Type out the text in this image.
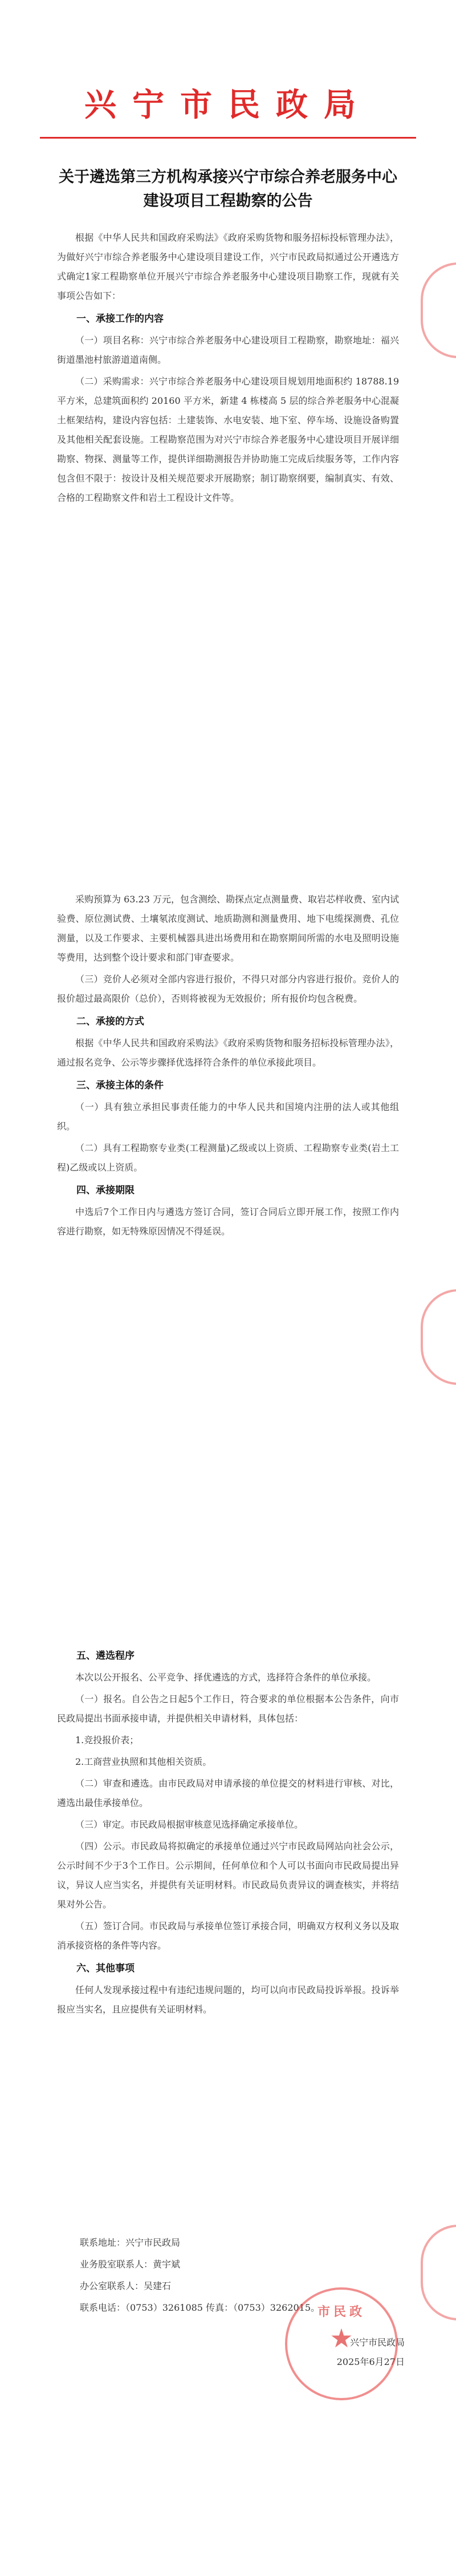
兴宁市民政局
关于遴选第三方机构承接兴宁市综合养老服务中心建设项目工程勘察的公告

根据《中华人民共和国政府采购法》《政府采购货物和服务招标投标管理办法》，为做好兴宁市综合养老服务中心建设项目建设工作，兴宁市民政局拟通过公开遴选方式确定1家工程勘察单位开展兴宁市综合养老服务中心建设项目勘察工作，现就有关事项公告如下：

一、承接工作的内容

（一）项目名称：兴宁市综合养老服务中心建设项目工程勘察，勘察地址：福兴街道墨池村旅游道道南侧。

（二）采购需求：兴宁市综合养老服务中心建设项目规划用地面积约 18788.19 平方米，总建筑面积约 20160 平方米，新建 4 栋楼高 5 层的综合养老服务中心混凝土框架结构，建设内容包括：土建装饰、水电安装、地下室、停车场、设施设备购置及其他相关配套设施。工程勘察范围为对兴宁市综合养老服务中心建设项目开展详细勘察、物探、测量等工作，提供详细勘测报告并协助施工完成后续服务等，工作内容包含但不限于：按设计及相关规范要求开展勘察；制订勘察纲要，编制真实、有效、合格的工程勘察文件和岩土工程设计文件等。

采购预算为 63.23 万元，包含测绘、勘探点定点测量费、取岩芯样收费、室内试验费、原位测试费、土壤氡浓度测试、地质勘测和测量费用、地下电缆探测费、孔位测量，以及工作要求、主要机械器具进出场费用和在勘察期间所需的水电及照明设施等费用，达到整个设计要求和部门审查要求。

（三）竞价人必须对全部内容进行报价，不得只对部分内容进行报价。竞价人的报价超过最高限价（总价），否则将被视为无效报价；所有报价均包含税费。

二、承接的方式

根据《中华人民共和国政府采购法》《政府采购货物和服务招标投标管理办法》，通过报名竞争、公示等步骤择优选择符合条件的单位承接此项目。

三、承接主体的条件

（一）具有独立承担民事责任能力的中华人民共和国境内注册的法人或其他组织。

（二）具有工程勘察专业类(工程测量)乙级或以上资质、工程勘察专业类(岩土工程)乙级或以上资质。

四、承接期限

中选后7个工作日内与遴选方签订合同，签订合同后立即开展工作，按照工作内容进行勘察，如无特殊原因情况不得延误。

五、遴选程序

本次以公开报名、公平竞争、择优遴选的方式，选择符合条件的单位承接。

（一）报名。自公告之日起5个工作日，符合要求的单位根据本公告条件，向市民政局提出书面承接申请，并提供相关申请材料，具体包括：

1.竞投报价表；

2.工商营业执照和其他相关资质。

（二）审查和遴选。由市民政局对申请承接的单位提交的材料进行审核、对比，遴选出最佳承接单位。

（三）审定。市民政局根据审核意见选择确定承接单位。

（四）公示。市民政局将拟确定的承接单位通过兴宁市民政局网站向社会公示，公示时间不少于3个工作日。公示期间，任何单位和个人可以书面向市民政局提出异议，异议人应当实名，并提供有关证明材料。市民政局负责异议的调查核实，并将结果对外公告。

（五）签订合同。市民政局与承接单位签订承接合同，明确双方权利义务以及取消承接资格的条件等内容。

六、其他事项

任何人发现承接过程中有违纪违规问题的，均可以向市民政局投诉举报。投诉举报应当实名，且应提供有关证明材料。

联系地址：兴宁市民政局

业务股室联系人：黄宇斌

办公室联系人：吴建石

联系电话：（0753）3261085 传真：（0753）3262015。

兴宁市民政局
2025年6月27日
市民政
★
